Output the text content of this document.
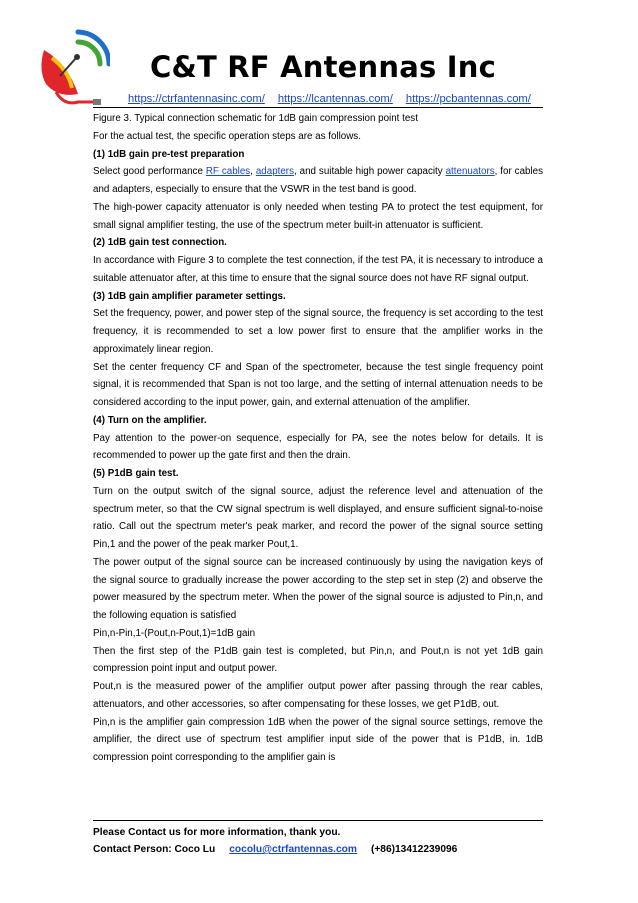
C&T RF Antennas Inc
https://ctrfantennasinc.com/ https://lcantennas.com/ https://pcbantennas.com/

Figure 3. Typical connection schematic for 1dB gain compression point test

For the actual test, the specific operation steps are as follows.

(1) 1dB gain pre-test preparation

Select good performance RF cables, adapters, and suitable high power capacity attenuators, for cables and adapters, especially to ensure that the VSWR in the test band is good.

The high-power capacity attenuator is only needed when testing PA to protect the test equipment, for small signal amplifier testing, the use of the spectrum meter built-in attenuator is sufficient.

(2) 1dB gain test connection.

In accordance with Figure 3 to complete the test connection, if the test PA, it is necessary to introduce a suitable attenuator after, at this time to ensure that the signal source does not have RF signal output.

(3) 1dB gain amplifier parameter settings.

Set the frequency, power, and power step of the signal source, the frequency is set according to the test frequency, it is recommended to set a low power first to ensure that the amplifier works in the approximately linear region.

Set the center frequency CF and Span of the spectrometer, because the test single frequency point signal, it is recommended that Span is not too large, and the setting of internal attenuation needs to be considered according to the input power, gain, and external attenuation of the amplifier.

(4) Turn on the amplifier.

Pay attention to the power-on sequence, especially for PA, see the notes below for details. It is recommended to power up the gate first and then the drain.

(5) P1dB gain test.

Turn on the output switch of the signal source, adjust the reference level and attenuation of the spectrum meter, so that the CW signal spectrum is well displayed, and ensure sufficient signal-to-noise ratio. Call out the spectrum meter's peak marker, and record the power of the signal source setting Pin,1 and the power of the peak marker Pout,1.

The power output of the signal source can be increased continuously by using the navigation keys of the signal source to gradually increase the power according to the step set in step (2) and observe the power measured by the spectrum meter. When the power of the signal source is adjusted to Pin,n, and the following equation is satisfied

Pin,n-Pin,1-(Pout,n-Pout,1)=1dB gain

Then the first step of the P1dB gain test is completed, but Pin,n, and Pout,n is not yet 1dB gain compression point input and output power.

Pout,n is the measured power of the amplifier output power after passing through the rear cables, attenuators, and other accessories, so after compensating for these losses, we get P1dB, out.

Pin,n is the amplifier gain compression 1dB when the power of the signal source settings, remove the amplifier, the direct use of spectrum test amplifier input side of the power that is P1dB, in. 1dB compression point corresponding to the amplifier gain is

Please Contact us for more information, thank you.
Contact Person: Coco Lu cocolu@ctrfantennas.com (+86)13412239096
